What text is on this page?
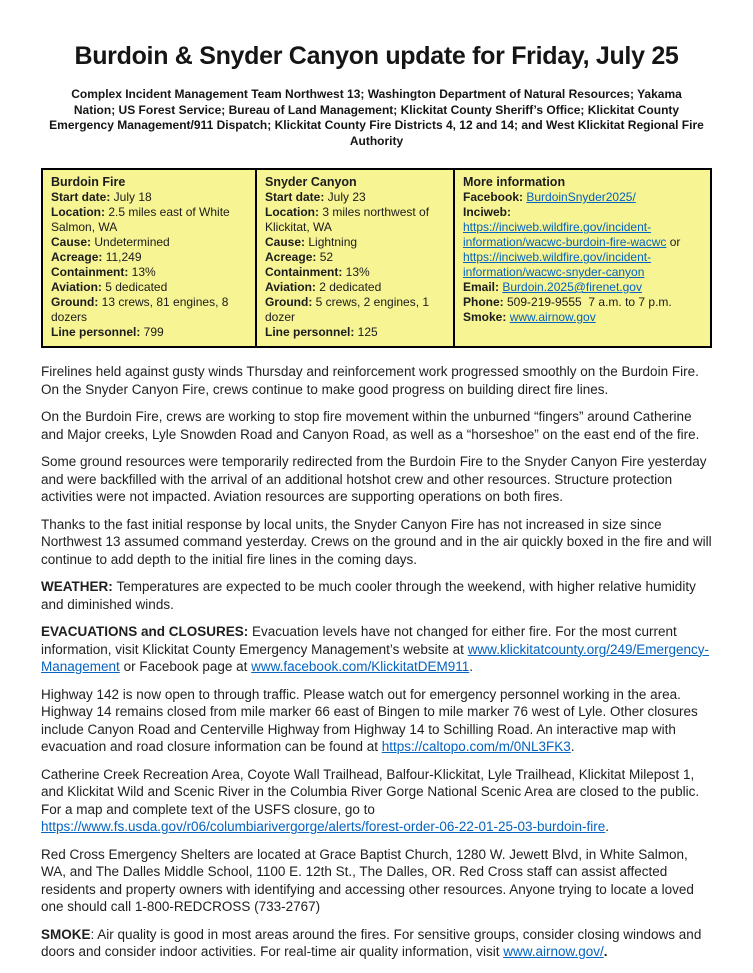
Burdoin & Snyder Canyon update for Friday, July 25

Complex Incident Management Team Northwest 13; Washington Department of Natural Resources; Yakama Nation; US Forest Service; Bureau of Land Management; Klickitat County Sheriff’s Office; Klickitat County Emergency Management/911 Dispatch; Klickitat County Fire Districts 4, 12 and 14; and West Klickitat Regional Fire Authority

Burdoin Fire
Start date: July 18
Location: 2.5 miles east of White Salmon, WA
Cause: Undetermined
Acreage: 11,249
Containment: 13%
Aviation: 5 dedicated
Ground: 13 crews, 81 engines, 8 dozers
Line personnel: 799
Snyder Canyon
Start date: July 23
Location: 3 miles northwest of Klickitat, WA
Cause: Lightning
Acreage: 52
Containment: 13%
Aviation: 2 dedicated
Ground: 5 crews, 2 engines, 1 dozer
Line personnel: 125
More information
Facebook: BurdoinSnyder2025/
Inciweb: https://inciweb.wildfire.gov/incident-information/wacwc-burdoin-fire-wacwc or https://inciweb.wildfire.gov/incident-information/wacwc-snyder-canyon
Email: Burdoin.2025@firenet.gov
Phone: 509-219-9555  7 a.m. to 7 p.m.
Smoke: www.airnow.gov

Firelines held against gusty winds Thursday and reinforcement work progressed smoothly on the Burdoin Fire. On the Snyder Canyon Fire, crews continue to make good progress on building direct fire lines.

On the Burdoin Fire, crews are working to stop fire movement within the unburned “fingers” around Catherine and Major creeks, Lyle Snowden Road and Canyon Road, as well as a “horseshoe” on the east end of the fire.

Some ground resources were temporarily redirected from the Burdoin Fire to the Snyder Canyon Fire yesterday and were backfilled with the arrival of an additional hotshot crew and other resources. Structure protection activities were not impacted. Aviation resources are supporting operations on both fires.

Thanks to the fast initial response by local units, the Snyder Canyon Fire has not increased in size since Northwest 13 assumed command yesterday. Crews on the ground and in the air quickly boxed in the fire and will continue to add depth to the initial fire lines in the coming days.

WEATHER: Temperatures are expected to be much cooler through the weekend, with higher relative humidity and diminished winds.

EVACUATIONS and CLOSURES: Evacuation levels have not changed for either fire. For the most current information, visit Klickitat County Emergency Management’s website at www.klickitatcounty.org/249/Emergency-Management or Facebook page at www.facebook.com/KlickitatDEM911.

Highway 142 is now open to through traffic. Please watch out for emergency personnel working in the area. Highway 14 remains closed from mile marker 66 east of Bingen to mile marker 76 west of Lyle. Other closures include Canyon Road and Centerville Highway from Highway 14 to Schilling Road. An interactive map with evacuation and road closure information can be found at https://caltopo.com/m/0NL3FK3.

Catherine Creek Recreation Area, Coyote Wall Trailhead, Balfour-Klickitat, Lyle Trailhead, Klickitat Milepost 1, and Klickitat Wild and Scenic River in the Columbia River Gorge National Scenic Area are closed to the public. For a map and complete text of the USFS closure, go to https://www.fs.usda.gov/r06/columbiarivergorge/alerts/forest-order-06-22-01-25-03-burdoin-fire.

Red Cross Emergency Shelters are located at Grace Baptist Church, 1280 W. Jewett Blvd, in White Salmon, WA, and The Dalles Middle School, 1100 E. 12th St., The Dalles, OR. Red Cross staff can assist affected residents and property owners with identifying and accessing other resources. Anyone trying to locate a loved one should call 1-800-REDCROSS (733-2767)

SMOKE: Air quality is good in most areas around the fires. For sensitive groups, consider closing windows and doors and consider indoor activities. For real-time air quality information, visit www.airnow.gov/.
